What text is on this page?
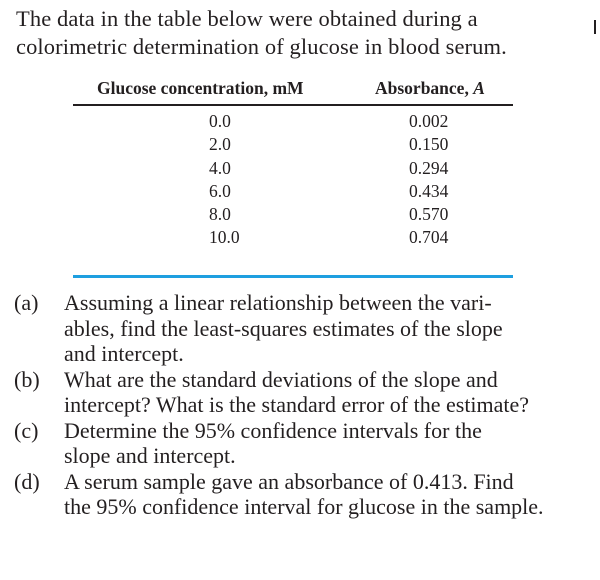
The data in the table below were obtained during a
colorimetric determination of glucose in blood serum.
Glucose concentration, mM	Absorbance, A
0.0	0.002
2.0	0.150
4.0	0.294
6.0	0.434
8.0	0.570
10.0	0.704
(a) Assuming a linear relationship between the vari-
ables, find the least-squares estimates of the slope
and intercept.
(b) What are the standard deviations of the slope and
intercept? What is the standard error of the estimate?
(c) Determine the 95% confidence intervals for the
slope and intercept.
(d) A serum sample gave an absorbance of 0.413. Find
the 95% confidence interval for glucose in the sample.
